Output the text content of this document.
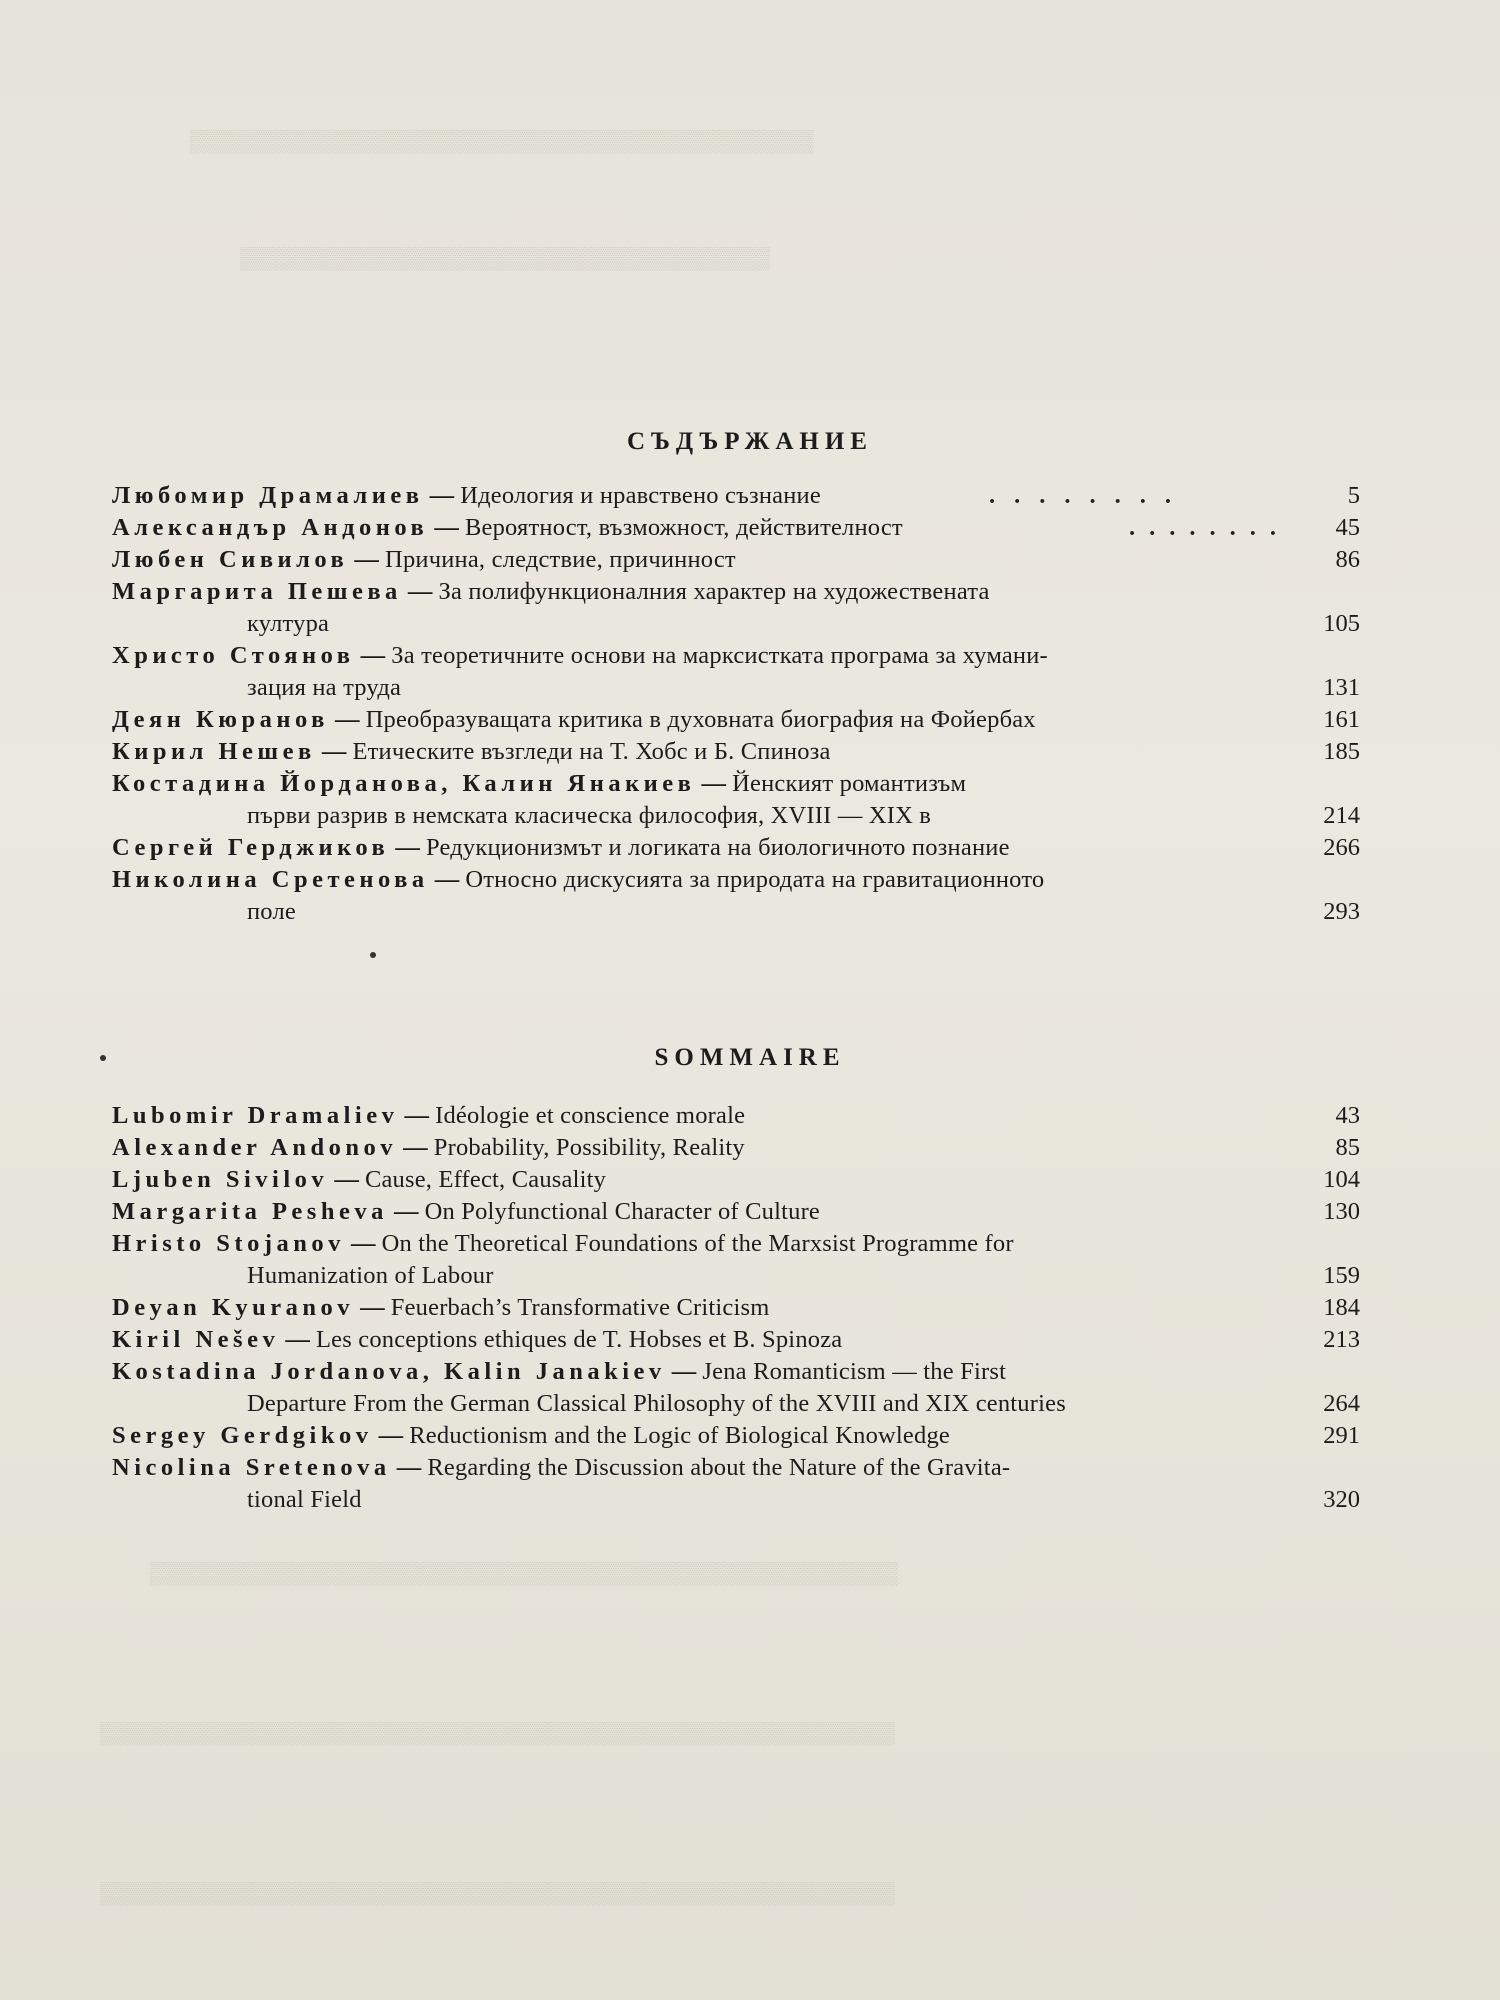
▒▒▒▒▒▒▒▒▒▒▒▒▒▒▒▒▒▒▒▒▒▒▒▒▒▒▒▒▒▒▒▒▒▒▒▒▒▒▒▒
▒▒▒▒▒▒▒▒▒▒▒▒▒▒▒▒▒▒▒▒▒▒▒▒▒▒▒▒▒▒▒▒▒▒
▒▒▒▒▒▒▒▒▒▒▒▒▒▒▒▒▒▒▒▒▒▒▒▒▒▒▒▒▒▒▒▒▒▒▒▒▒▒▒▒▒▒▒▒▒▒▒▒
▒▒▒▒▒▒▒▒▒▒▒▒▒▒▒▒▒▒▒▒▒▒▒▒▒▒▒▒▒▒▒▒▒▒▒▒▒▒▒▒▒▒▒▒▒▒▒▒▒▒▒
▒▒▒▒▒▒▒▒▒▒▒▒▒▒▒▒▒▒▒▒▒▒▒▒▒▒▒▒▒▒▒▒▒▒▒▒▒▒▒▒▒▒▒▒▒▒▒▒▒▒▒
СЪДЪРЖАНИЕ
Любомир Драмалиев — Идеология и нравствено съзнание	........	5
Александър Андонов — Вероятност, възможност, действителност	........ 45
Любен Сивилов — Причина, следствие, причинност	86
Маргарита Пешева — За полифункционалния характер на художествената
култура	105
Христо Стоянов — За теоретичните основи на марксистката програма за хумани-
зация на труда	131
Деян Кюранов — Преобразуващата критика в духовната биография на Фойербах	161
Кирил Нешев — Етическите възгледи на Т. Хобс и Б. Спиноза	185
Костадина Йорданова, Калин Янакиев — Йенският романтизъм
първи разрив в немската класическа философия, XVIII — XIX в	214
Сергей Герджиков — Редукционизмът и логиката на биологичното познание	266
Николина Сретенова — Относно дискусията за природата на гравитационното
поле	293
SOMMAIRE
Lubomir Dramaliev — Idéologie et conscience morale	43
Alexander Andonov — Probability, Possibility, Reality	85
Ljuben Sivilov — Cause, Effect, Causality	104
Margarita Pesheva — On Polyfunctional Character of Culture	130
Hristo Stojanov — On the Theoretical Foundations of the Marxsist Programme for
Humanization of Labour	159
Deyan Kyuranov — Feuerbach’s Transformative Criticism	184
Kiril Nešev — Les conceptions ethiques de T. Hobses et B. Spinoza	213
Kostadina Jordanova, Kalin Janakiev — Jena Romanticism — the First
Departure From the German Classical Philosophy of the XVIII and XIX centuries	264
Sergey Gerdgikov — Reductionism and the Logic of Biological Knowledge	291
Nicolina Sretenova — Regarding the Discussion about the Nature of the Gravita-
tional Field	320
